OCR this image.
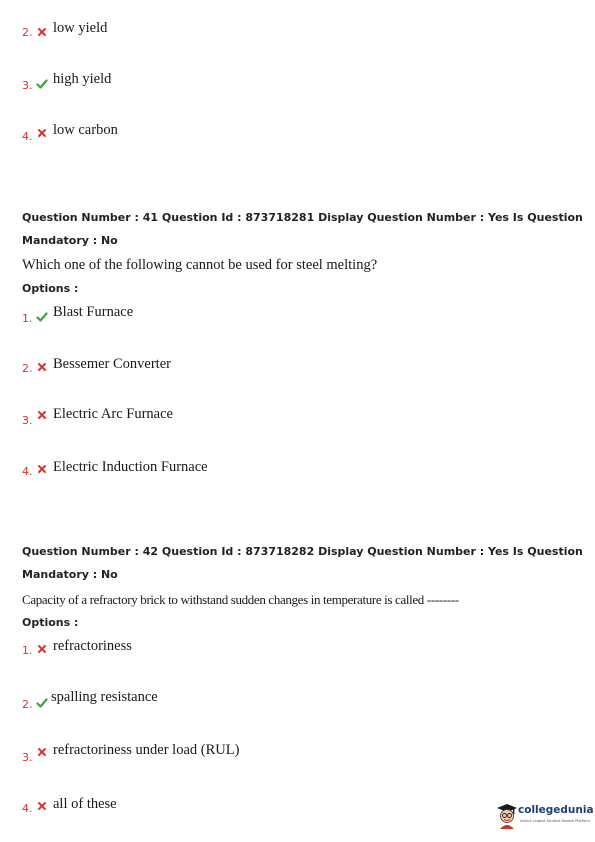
2. low yield
3. high yield
4. low carbon
Question Number : 41 Question Id : 873718281 Display Question Number : Yes Is Question
Mandatory : No
Which one of the following cannot be used for steel melting?
Options :
1. Blast Furnace
2. Bessemer Converter
3. Electric Arc Furnace
4. Electric Induction Furnace
Question Number : 42 Question Id : 873718282 Display Question Number : Yes Is Question
Mandatory : No
Capacity of a refractory brick to withstand sudden changes in temperature is called --------
Options :
1. refractoriness
2. spalling resistance
3. refractoriness under load (RUL)
4. all of these	collegedunia
India's Largest Student Review Platform
